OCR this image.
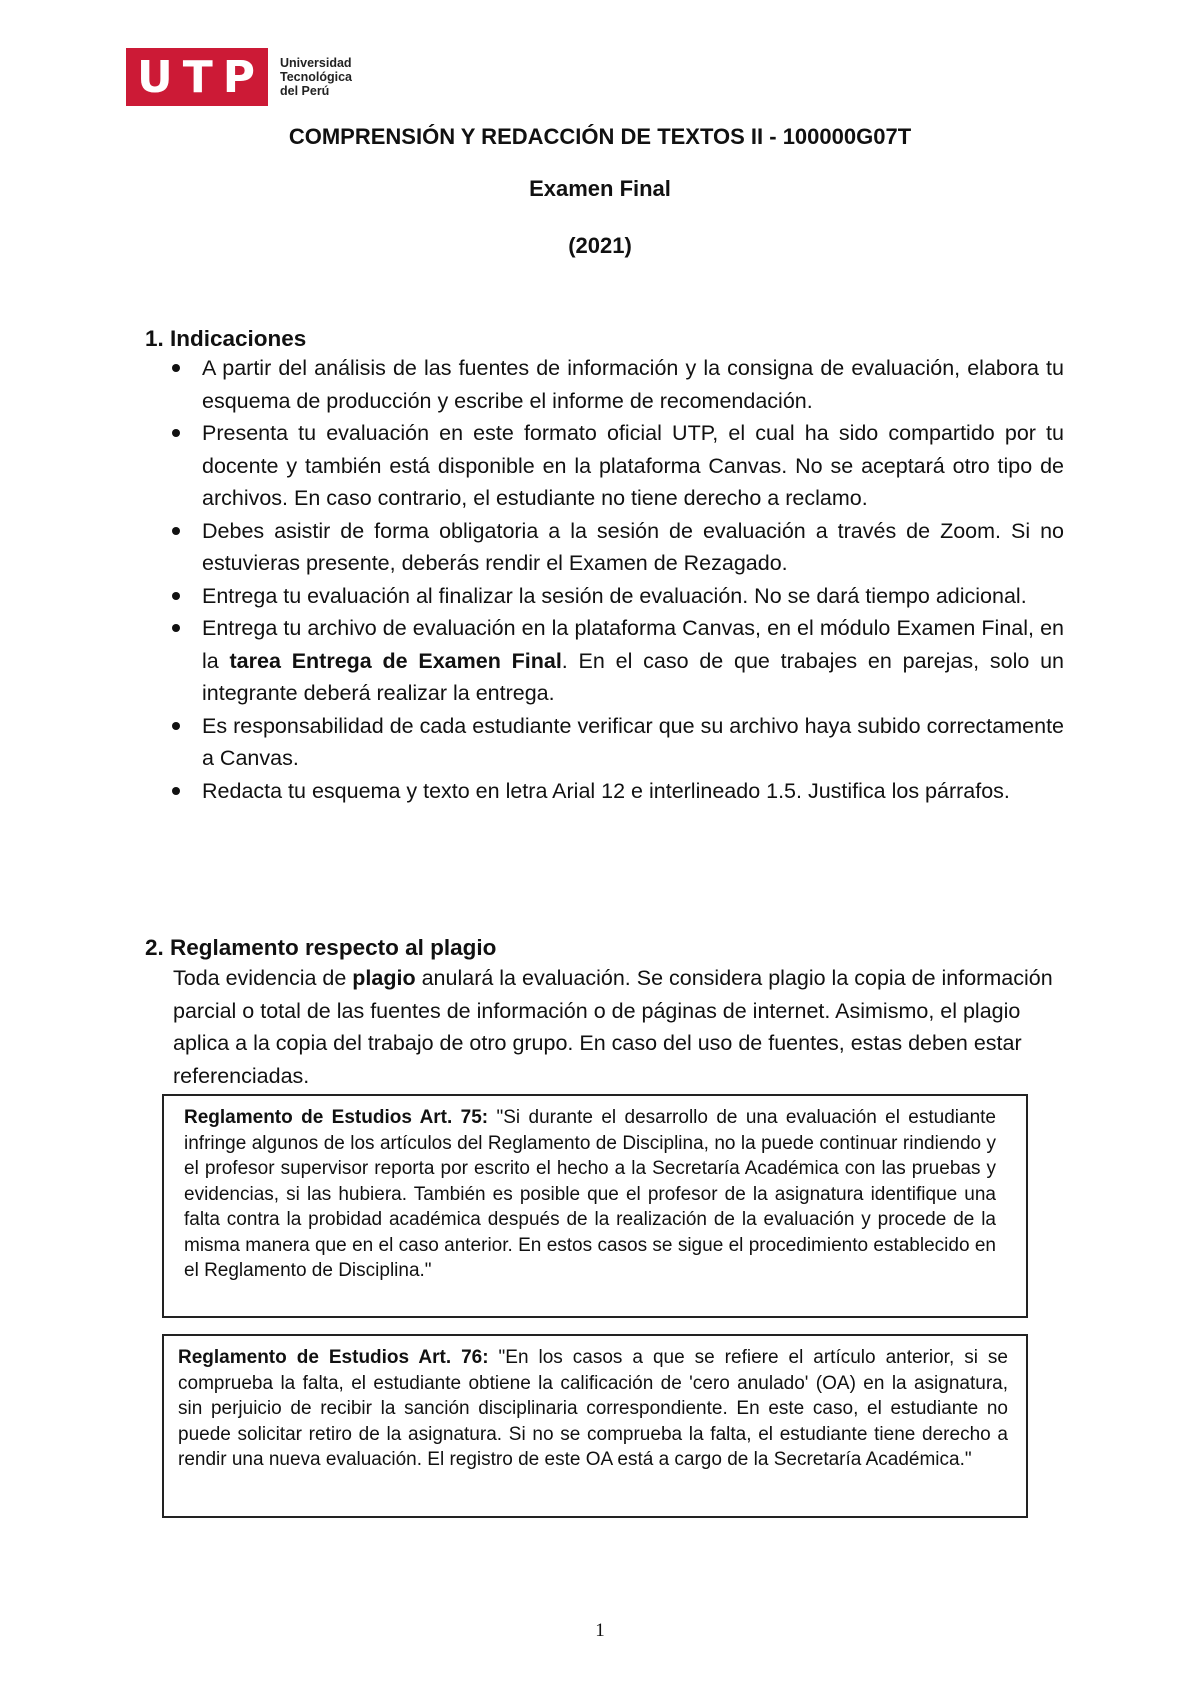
UTP Universidad
Tecnológica
del Perú
COMPRENSIÓN Y REDACCIÓN DE TEXTOS II - 100000G07T
Examen Final
(2021)
1. Indicaciones
A partir del análisis de las fuentes de información y la consigna de evaluación, elabora tu esquema de producción y escribe el informe de recomendación.
Presenta tu evaluación en este formato oficial UTP, el cual ha sido compartido por tu docente y también está disponible en la plataforma Canvas. No se aceptará otro tipo de archivos. En caso contrario, el estudiante no tiene derecho a reclamo.
Debes asistir de forma obligatoria a la sesión de evaluación a través de Zoom. Si no estuvieras presente, deberás rendir el Examen de Rezagado.
Entrega tu evaluación al finalizar la sesión de evaluación. No se dará tiempo adicional.
Entrega tu archivo de evaluación en la plataforma Canvas, en el módulo Examen Final, en la tarea Entrega de Examen Final. En el caso de que trabajes en parejas, solo un integrante deberá realizar la entrega.
Es responsabilidad de cada estudiante verificar que su archivo haya subido correctamente a Canvas.
Redacta tu esquema y texto en letra Arial 12 e interlineado 1.5. Justifica los párrafos.
2. Reglamento respecto al plagio

Toda evidencia de plagio anulará la evaluación. Se considera plagio la copia de información parcial o total de las fuentes de información o de páginas de internet. Asimismo, el plagio aplica a la copia del trabajo de otro grupo. En caso del uso de fuentes, estas deben estar referenciadas.

Reglamento de Estudios Art. 75: "Si durante el desarrollo de una evaluación el estudiante infringe algunos de los artículos del Reglamento de Disciplina, no la puede continuar rindiendo y el profesor supervisor reporta por escrito el hecho a la Secretaría Académica con las pruebas y evidencias, si las hubiera. También es posible que el profesor de la asignatura identifique una falta contra la probidad académica después de la realización de la evaluación y procede de la misma manera que en el caso anterior. En estos casos se sigue el procedimiento establecido en el Reglamento de Disciplina."

Reglamento de Estudios Art. 76: "En los casos a que se refiere el artículo anterior, si se comprueba la falta, el estudiante obtiene la calificación de 'cero anulado' (OA) en la asignatura, sin perjuicio de recibir la sanción disciplinaria correspondiente. En este caso, el estudiante no puede solicitar retiro de la asignatura. Si no se comprueba la falta, el estudiante tiene derecho a rendir una nueva evaluación. El registro de este OA está a cargo de la Secretaría Académica."

1
